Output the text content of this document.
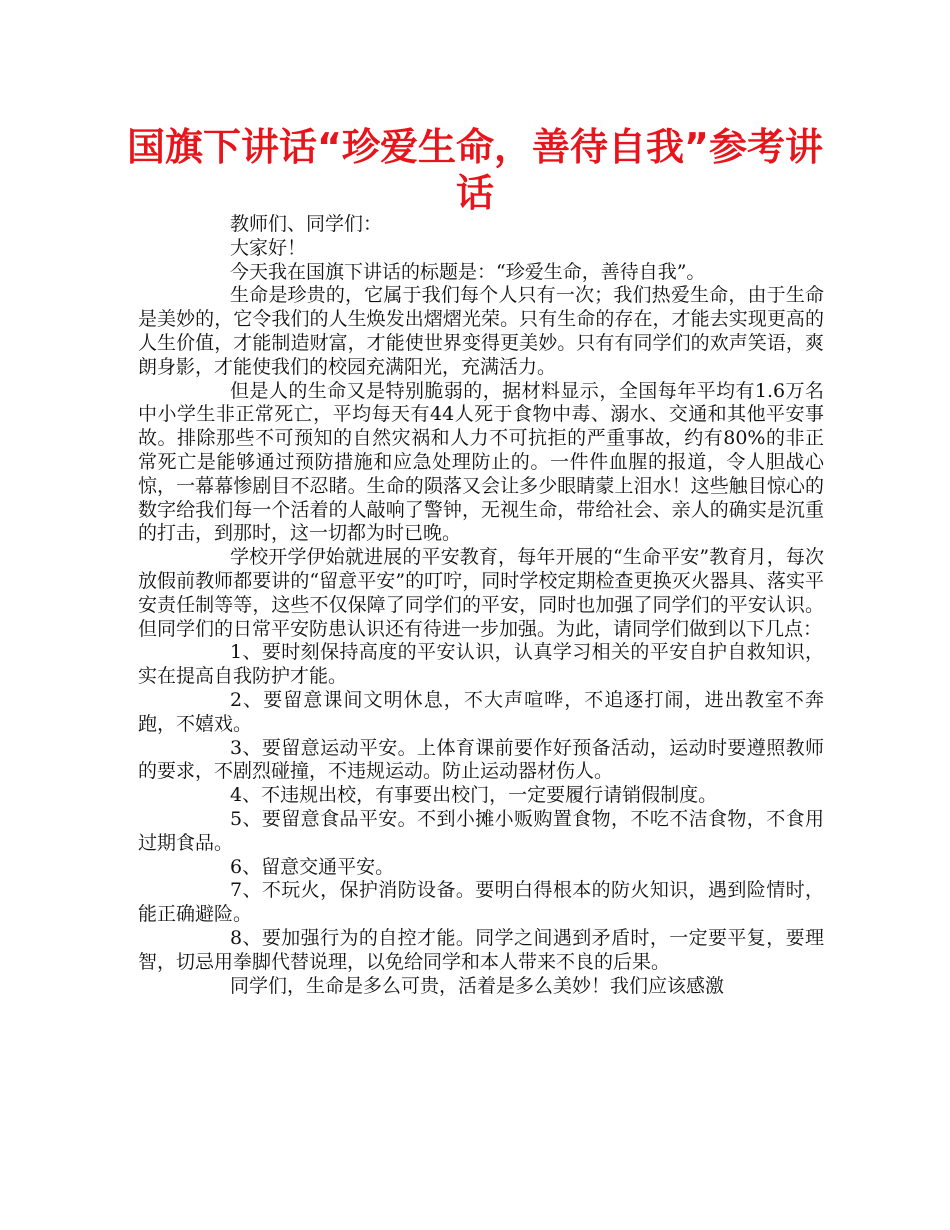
国旗下讲话“珍爱生命，善待自我”参考讲话

教师们、同学们：

大家好！

今天我在国旗下讲话的标题是：“珍爱生命，善待自我”。

生命是珍贵的，它属于我们每个人只有一次；我们热爱生命，由于生命是美妙的，它令我们的人生焕发出熠熠光荣。只有生命的存在，才能去实现更高的人生价值，才能制造财富，才能使世界变得更美妙。只有有同学们的欢声笑语，爽朗身影，才能使我们的校园充满阳光，充满活力。

但是人的生命又是特别脆弱的，据材料显示，全国每年平均有1.6万名中小学生非正常死亡，平均每天有44人死于食物中毒、溺水、交通和其他平安事故。排除那些不可预知的自然灾祸和人力不可抗拒的严重事故，约有80%的非正常死亡是能够通过预防措施和应急处理防止的。一件件血腥的报道，令人胆战心惊，一幕幕惨剧目不忍睹。生命的陨落又会让多少眼睛蒙上泪水！这些触目惊心的数字给我们每一个活着的人敲响了警钟，无视生命，带给社会、亲人的确实是沉重的打击，到那时，这一切都为时已晚。

学校开学伊始就进展的平安教育，每年开展的“生命平安”教育月，每次放假前教师都要讲的“留意平安”的叮咛，同时学校定期检查更换灭火器具、落实平安责任制等等，这些不仅保障了同学们的平安，同时也加强了同学们的平安认识。但同学们的日常平安防患认识还有待进一步加强。为此，请同学们做到以下几点：

1、要时刻保持高度的平安认识，认真学习相关的平安自护自救知识，实在提高自我防护才能。

2、要留意课间文明休息，不大声喧哗，不追逐打闹，进出教室不奔跑，不嬉戏。

3、要留意运动平安。上体育课前要作好预备活动，运动时要遵照教师的要求，不剧烈碰撞，不违规运动。防止运动器材伤人。

4、不违规出校，有事要出校门，一定要履行请销假制度。

5、要留意食品平安。不到小摊小贩购置食物，不吃不洁食物，不食用过期食品。

6、留意交通平安。

7、不玩火，保护消防设备。要明白得根本的防火知识，遇到险情时，能正确避险。

8、要加强行为的自控才能。同学之间遇到矛盾时，一定要平复，要理智，切忌用拳脚代替说理，以免给同学和本人带来不良的后果。

同学们，生命是多么可贵，活着是多么美妙！我们应该感激
